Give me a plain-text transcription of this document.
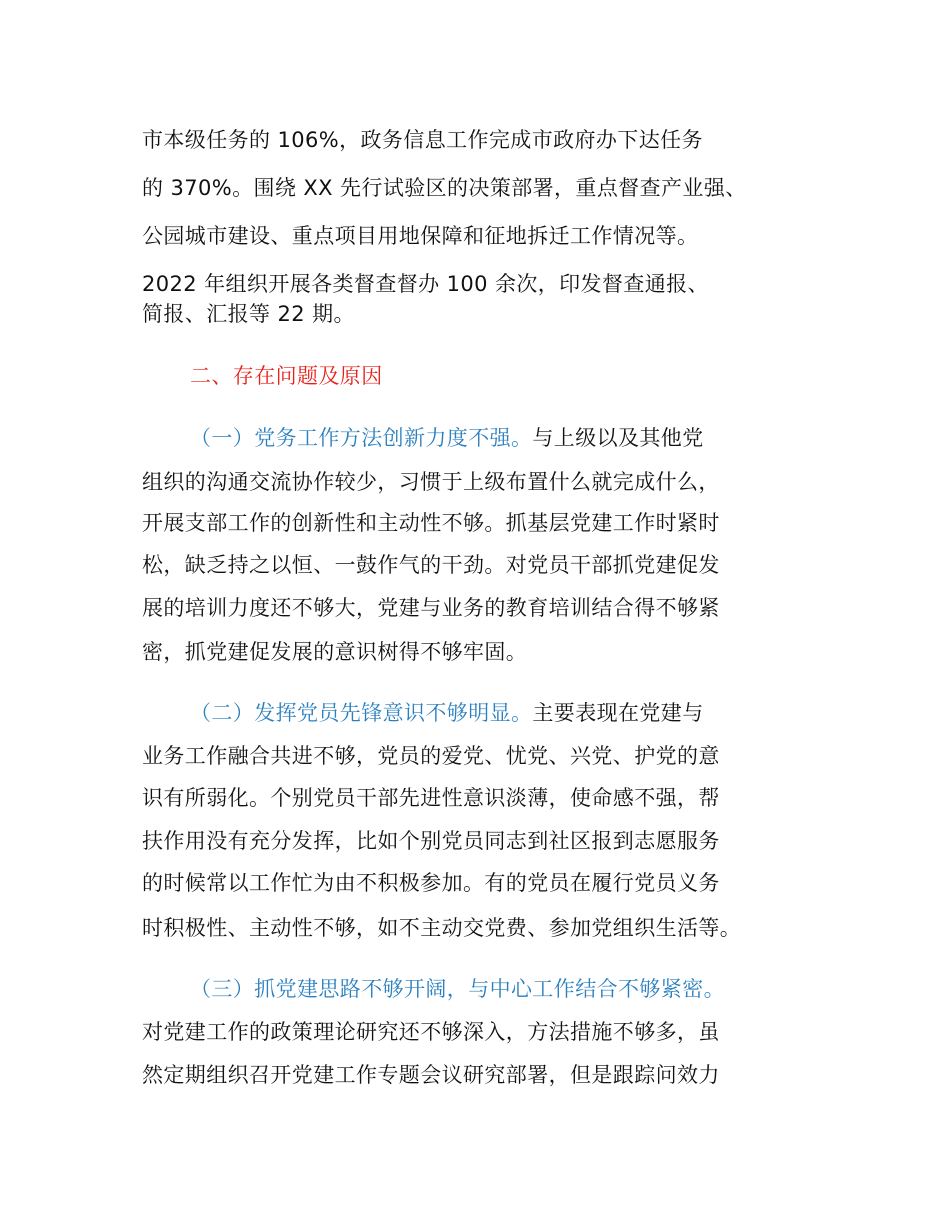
市本级任务的 106%，政务信息工作完成市政府办下达任务
的 370%。围绕 XX 先行试验区的决策部署，重点督查产业强、
公园城市建设、重点项目用地保障和征地拆迁工作情况等。
2022 年组织开展各类督查督办 100 余次，印发督查通报、
简报、汇报等 22 期。
二、存在问题及原因
（一）党务工作方法创新力度不强。与上级以及其他党
组织的沟通交流协作较少，习惯于上级布置什么就完成什么，
开展支部工作的创新性和主动性不够。抓基层党建工作时紧时
松，缺乏持之以恒、一鼓作气的干劲。对党员干部抓党建促发
展的培训力度还不够大，党建与业务的教育培训结合得不够紧
密，抓党建促发展的意识树得不够牢固。
（二）发挥党员先锋意识不够明显。主要表现在党建与
业务工作融合共进不够，党员的爱党、忧党、兴党、护党的意
识有所弱化。个别党员干部先进性意识淡薄，使命感不强，帮
扶作用没有充分发挥，比如个别党员同志到社区报到志愿服务
的时候常以工作忙为由不积极参加。有的党员在履行党员义务
时积极性、主动性不够，如不主动交党费、参加党组织生活等。
（三）抓党建思路不够开阔，与中心工作结合不够紧密。
对党建工作的政策理论研究还不够深入，方法措施不够多，虽
然定期组织召开党建工作专题会议研究部署，但是跟踪问效力
